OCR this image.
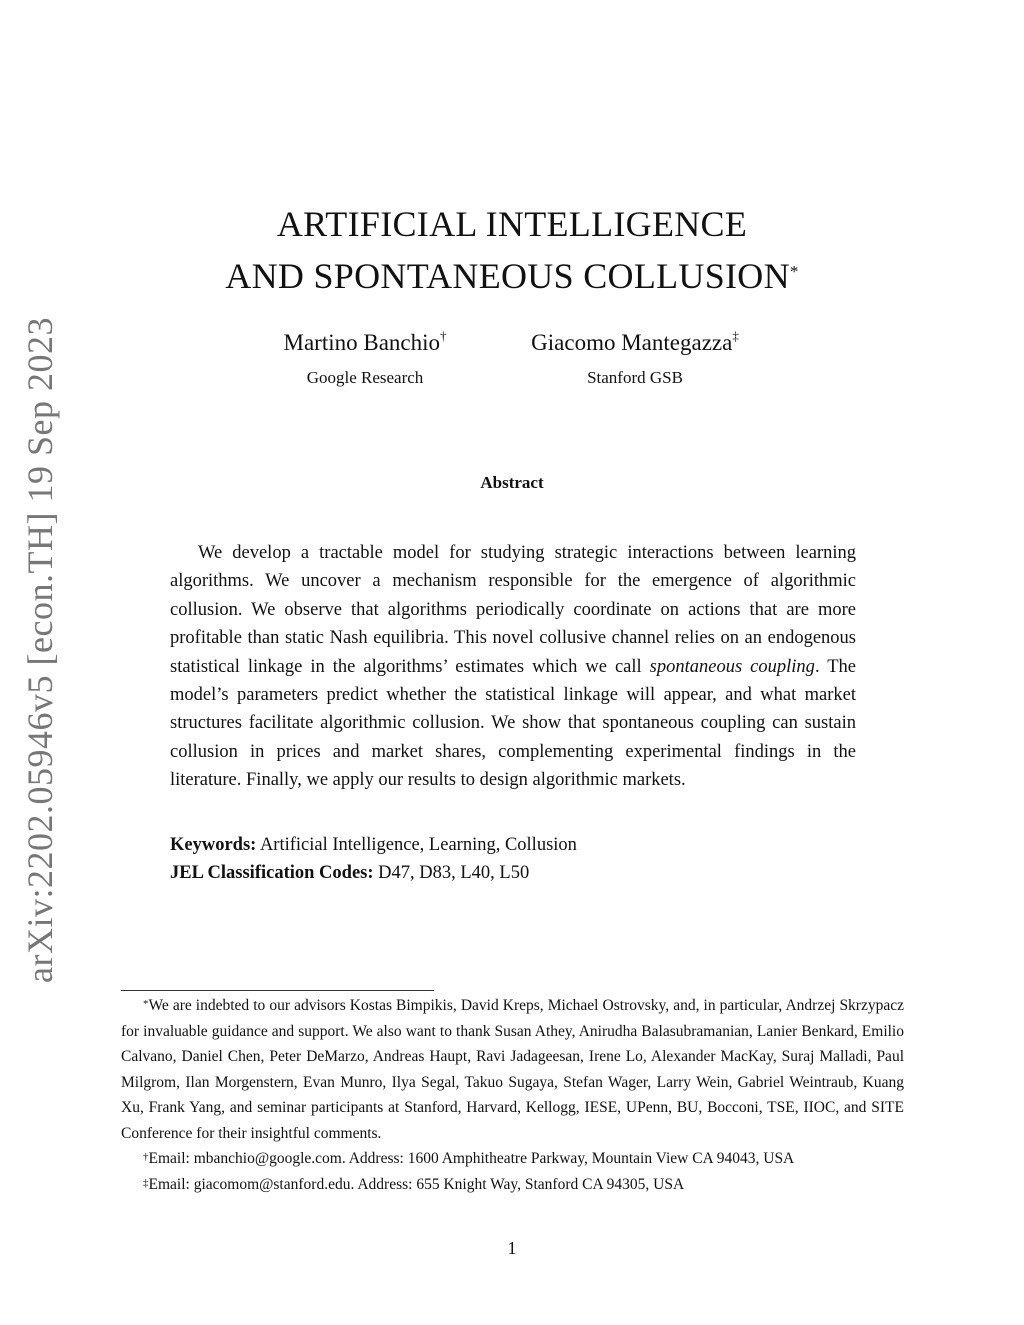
arXiv:2202.05946v5 [econ.TH] 19 Sep 2023
ARTIFICIAL INTELLIGENCE
AND SPONTANEOUS COLLUSION*
Martino Banchio†
Google Research
Giacomo Mantegazza‡
Stanford GSB
Abstract

We develop a tractable model for studying strategic interactions between learning algorithms. We uncover a mechanism responsible for the emergence of algorithmic collusion. We observe that algorithms periodically coordinate on actions that are more profitable than static Nash equilibria. This novel collusive channel relies on an endogenous statistical linkage in the algorithms’ estimates which we call spontaneous coupling. The model’s parameters predict whether the statistical linkage will appear, and what market structures facilitate algorithmic collusion. We show that spontaneous coupling can sustain collusion in prices and market shares, complementing experimental findings in the literature. Finally, we apply our results to design algorithmic markets.

Keywords: Artificial Intelligence, Learning, Collusion
JEL Classification Codes: D47, D83, L40, L50

*We are indebted to our advisors Kostas Bimpikis, David Kreps, Michael Ostrovsky, and, in particular, Andrzej Skrzypacz for invaluable guidance and support. We also want to thank Susan Athey, Anirudha Balasubramanian, Lanier Benkard, Emilio Calvano, Daniel Chen, Peter DeMarzo, Andreas Haupt, Ravi Jadageesan, Irene Lo, Alexander MacKay, Suraj Malladi, Paul Milgrom, Ilan Morgenstern, Evan Munro, Ilya Segal, Takuo Sugaya, Stefan Wager, Larry Wein, Gabriel Weintraub, Kuang Xu, Frank Yang, and seminar participants at Stanford, Harvard, Kellogg, IESE, UPenn, BU, Bocconi, TSE, IIOC, and SITE Conference for their insightful comments.

†Email: mbanchio@google.com. Address: 1600 Amphitheatre Parkway, Mountain View CA 94043, USA

‡Email: giacomom@stanford.edu. Address: 655 Knight Way, Stanford CA 94305, USA

1
